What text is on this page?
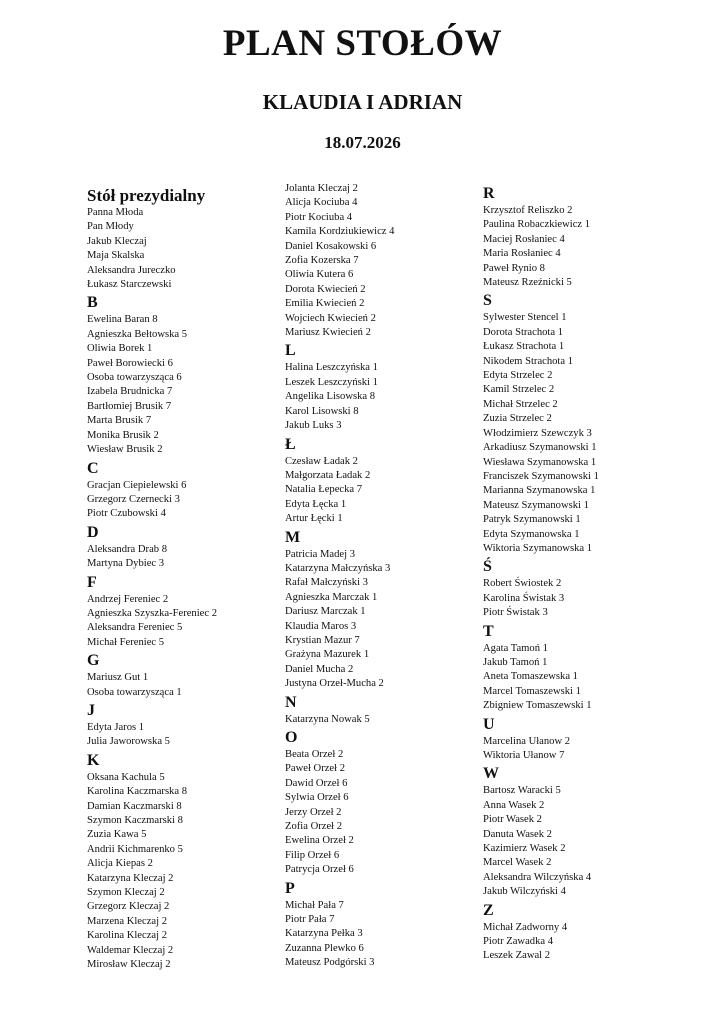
PLAN STOŁÓW
KLAUDIA I ADRIAN
18.07.2026
Stół prezydialny
Panna Młoda
Pan Młody
Jakub Kleczaj
Maja Skalska
Aleksandra Jureczko
Łukasz Starczewski
B
Ewelina Baran 8
Agnieszka Bełtowska 5
Oliwia Borek 1
Paweł Borowiecki 6
Osoba towarzysząca 6
Izabela Brudnicka 7
Bartłomiej Brusik 7
Marta Brusik 7
Monika Brusik 2
Wiesław Brusik 2
C
Gracjan Ciepielewski 6
Grzegorz Czernecki 3
Piotr Czubowski 4
D
Aleksandra Drab 8
Martyna Dybiec 3
F
Andrzej Fereniec 2
Agnieszka Szyszka-Fereniec 2
Aleksandra Fereniec 5
Michał Fereniec 5
G
Mariusz Gut 1
Osoba towarzysząca 1
J
Edyta Jaros 1
Julia Jaworowska 5
K
Oksana Kachula 5
Karolina Kaczmarska 8
Damian Kaczmarski 8
Szymon Kaczmarski 8
Zuzia Kawa 5
Andrii Kichmarenko 5
Alicja Kiepas 2
Katarzyna Kleczaj 2
Szymon Kleczaj 2
Grzegorz Kleczaj 2
Marzena Kleczaj 2
Karolina Kleczaj 2
Waldemar Kleczaj 2
Mirosław Kleczaj 2
Jolanta Kleczaj 2
Alicja Kociuba 4
Piotr Kociuba 4
Kamila Kordziukiewicz 4
Daniel Kosakowski 6
Zofia Kozerska 7
Oliwia Kutera 6
Dorota Kwiecień 2
Emilia Kwiecień 2
Wojciech Kwiecień 2
Mariusz Kwiecień 2
L
Halina Leszczyńska 1
Leszek Leszczyński 1
Angelika Lisowska 8
Karol Lisowski 8
Jakub Luks 3
Ł
Czesław Ładak 2
Małgorzata Ładak 2
Natalia Łepecka 7
Edyta Łęcka 1
Artur Łęcki 1
M
Patricia Madej 3
Katarzyna Małczyńska 3
Rafał Małczyński 3
Agnieszka Marczak 1
Dariusz Marczak 1
Klaudia Maros 3
Krystian Mazur 7
Grażyna Mazurek 1
Daniel Mucha 2
Justyna Orzeł-Mucha 2
N
Katarzyna Nowak 5
O
Beata Orzeł 2
Paweł Orzeł 2
Dawid Orzeł 6
Sylwia Orzeł 6
Jerzy Orzeł 2
Zofia Orzeł 2
Ewelina Orzeł 2
Filip Orzeł 6
Patrycja Orzeł 6
P
Michał Pała 7
Piotr Pała 7
Katarzyna Pełka 3
Zuzanna Plewko 6
Mateusz Podgórski 3
R
Krzysztof Reliszko 2
Paulina Robaczkiewicz 1
Maciej Rosłaniec 4
Maria Rosłaniec 4
Paweł Rynio 8
Mateusz Rzeźnicki 5
S
Sylwester Stencel 1
Dorota Strachota 1
Łukasz Strachota 1
Nikodem Strachota 1
Edyta Strzelec 2
Kamil Strzelec 2
Michał Strzelec 2
Zuzia Strzelec 2
Włodzimierz Szewczyk 3
Arkadiusz Szymanowski 1
Wiesława Szymanowska 1
Franciszek Szymanowski 1
Marianna Szymanowska 1
Mateusz Szymanowski 1
Patryk Szymanowski 1
Edyta Szymanowska 1
Wiktoria Szymanowska 1
Ś
Robert Świostek 2
Karolina Świstak 3
Piotr Świstak 3
T
Agata Tamoń 1
Jakub Tamoń 1
Aneta Tomaszewska 1
Marcel Tomaszewski 1
Zbigniew Tomaszewski 1
U
Marcelina Ułanow 2
Wiktoria Ułanow 7
W
Bartosz Waracki 5
Anna Wasek 2
Piotr Wasek 2
Danuta Wasek 2
Kazimierz Wasek 2
Marcel Wasek 2
Aleksandra Wilczyńska 4
Jakub Wilczyński 4
Z
Michał Zadworny 4
Piotr Zawadka 4
Leszek Zawal 2
